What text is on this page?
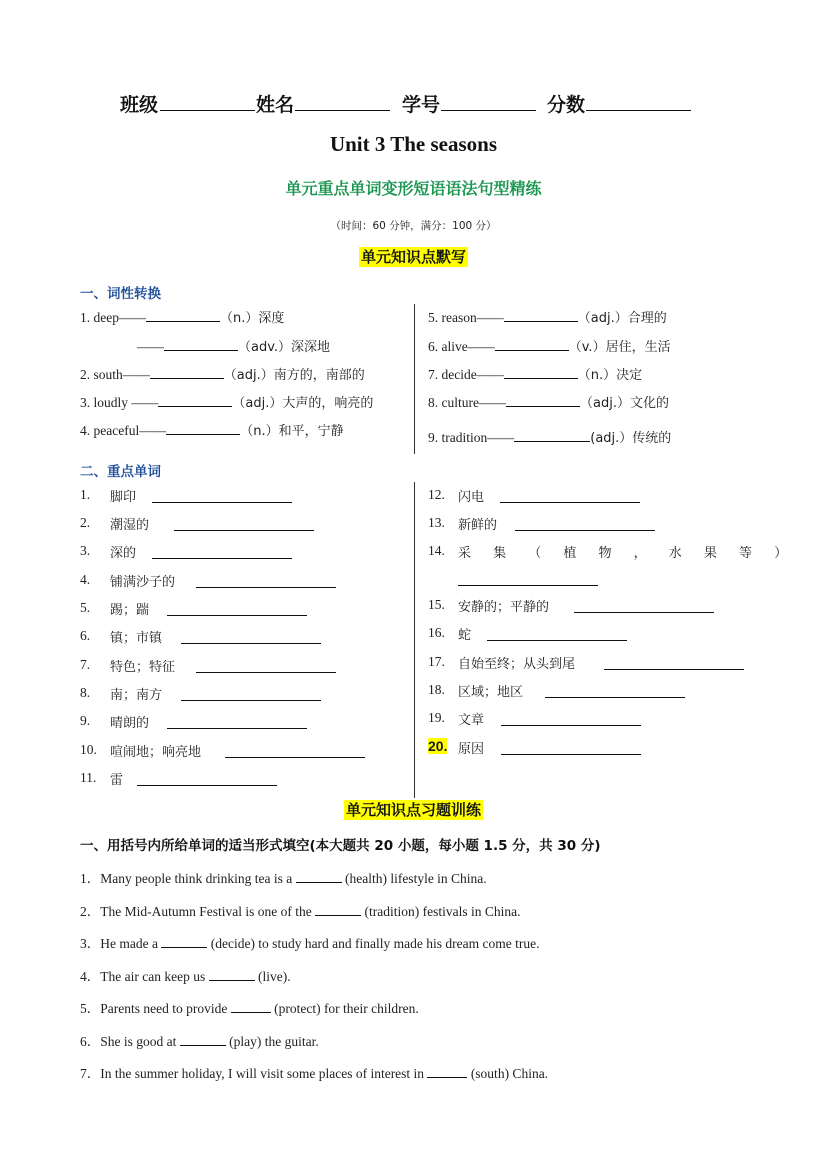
班级	姓名	学号	分数
Unit 3 The seasons
单元重点单词变形短语语法句型精练
（时间：60 分钟，满分：100 分）
单元知识点默写
一、词性转换
1. deep——	（n.）深度
——	（adv.）深深地
2. south——	（adj.）南方的，南部的
3. loudly ——	（adj.）大声的，响亮的
4. peaceful——	（n.）和平，宁静
5. reason——	（adj.）合理的
6. alive——	（v.）居住，生活
7. decide——	（n.）决定
8. culture——	（adj.）文化的
9. tradition——	(adj.）传统的
二、重点单词
1. 脚印
2. 潮湿的
3. 深的
4. 铺满沙子的
5. 踢；踹
6. 镇；市镇
7. 特色；特征
8. 南；南方
9. 晴朗的
10. 喧闹地；响亮地
11. 雷
12. 闪电
13. 新鲜的
14. 采 集 （ 植 物 ， 水 果 等 ）
15. 安静的；平静的
16. 蛇
17. 自始至终；从头到尾
18. 区域；地区
19. 文章
20. 原因
单元知识点习题训练
一、用括号内所给单词的适当形式填空(本大题共 20 小题，每小题 1.5 分，共 30 分)
1．Many people think drinking tea is a	(health) lifestyle in China.
2．The Mid-Autumn Festival is one of the	(tradition) festivals in China.
3．He made a	(decide) to study hard and finally made his dream come true.
4．The air can keep us	(live).
5．Parents need to provide	(protect) for their children.
6．She is good at	(play) the guitar.
7．In the summer holiday, I will visit some places of interest in	(south) China.
